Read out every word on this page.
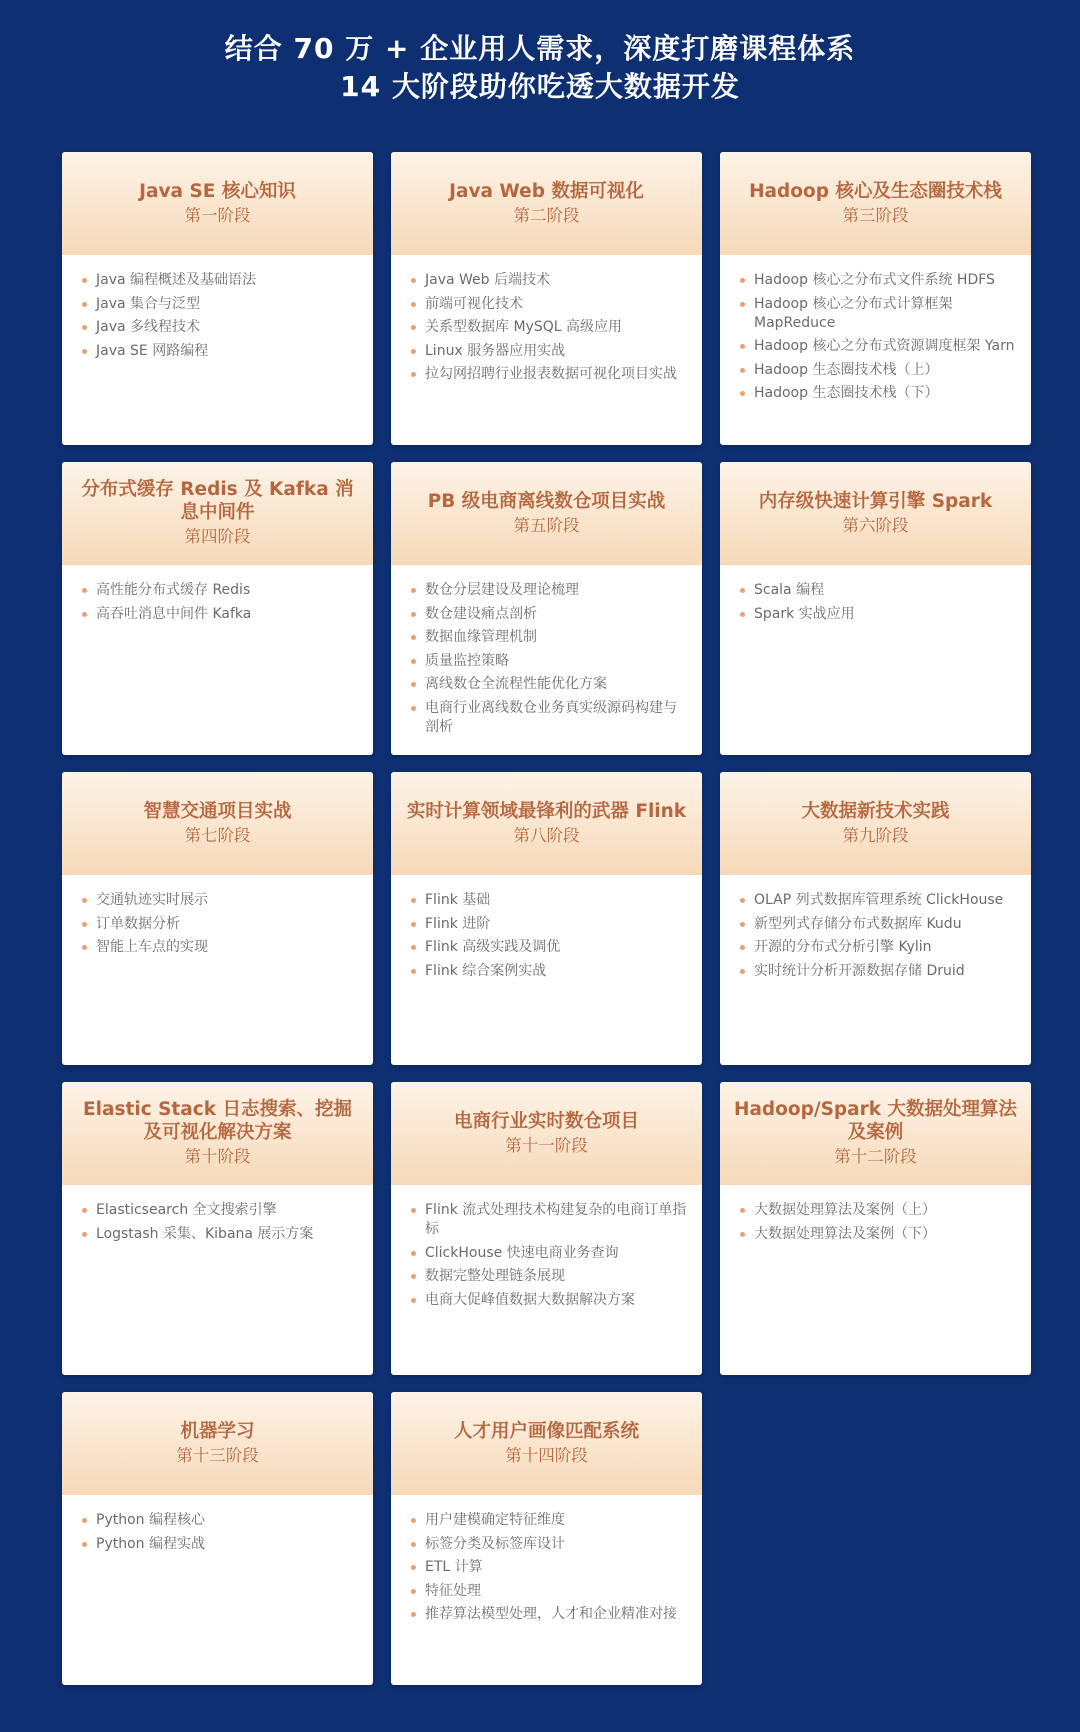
结合 70 万 + 企业用人需求，深度打磨课程体系
14 大阶段助你吃透大数据开发
Java SE 核心知识
第一阶段
Java 编程概述及基础语法
Java 集合与泛型
Java 多线程技术
Java SE 网路编程
Java Web 数据可视化
第二阶段
Java Web 后端技术
前端可视化技术
关系型数据库 MySQL 高级应用
Linux 服务器应用实战
拉勾网招聘行业报表数据可视化项目实战
Hadoop 核心及生态圈技术栈
第三阶段
Hadoop 核心之分布式文件系统 HDFS
Hadoop 核心之分布式计算框架 MapReduce
Hadoop 核心之分布式资源调度框架 Yarn
Hadoop 生态圈技术栈（上）
Hadoop 生态圈技术栈（下）
分布式缓存 Redis 及 Kafka 消息中间件
第四阶段
高性能分布式缓存 Redis
高吞吐消息中间件 Kafka
PB 级电商离线数仓项目实战
第五阶段
数仓分层建设及理论梳理
数仓建设痛点剖析
数据血缘管理机制
质量监控策略
离线数仓全流程性能优化方案
电商行业离线数仓业务真实级源码构建与剖析
内存级快速计算引擎 Spark
第六阶段
Scala 编程
Spark 实战应用
智慧交通项目实战
第七阶段
交通轨迹实时展示
订单数据分析
智能上车点的实现
实时计算领域最锋利的武器 Flink
第八阶段
Flink 基础
Flink 进阶
Flink 高级实践及调优
Flink 综合案例实战
大数据新技术实践
第九阶段
OLAP 列式数据库管理系统 ClickHouse
新型列式存储分布式数据库 Kudu
开源的分布式分析引擎 Kylin
实时统计分析开源数据存储 Druid
Elastic Stack 日志搜索、挖掘及可视化解决方案
第十阶段
Elasticsearch 全文搜索引擎
Logstash 采集、Kibana 展示方案
电商行业实时数仓项目
第十一阶段
Flink 流式处理技术构建复杂的电商订单指标
ClickHouse 快速电商业务查询
数据完整处理链条展现
电商大促峰值数据大数据解决方案
Hadoop/Spark 大数据处理算法及案例
第十二阶段
大数据处理算法及案例（上）
大数据处理算法及案例（下）
机器学习
第十三阶段
Python 编程核心
Python 编程实战
人才用户画像匹配系统
第十四阶段
用户建模确定特征维度
标签分类及标签库设计
ETL 计算
特征处理
推荐算法模型处理，人才和企业精准对接
